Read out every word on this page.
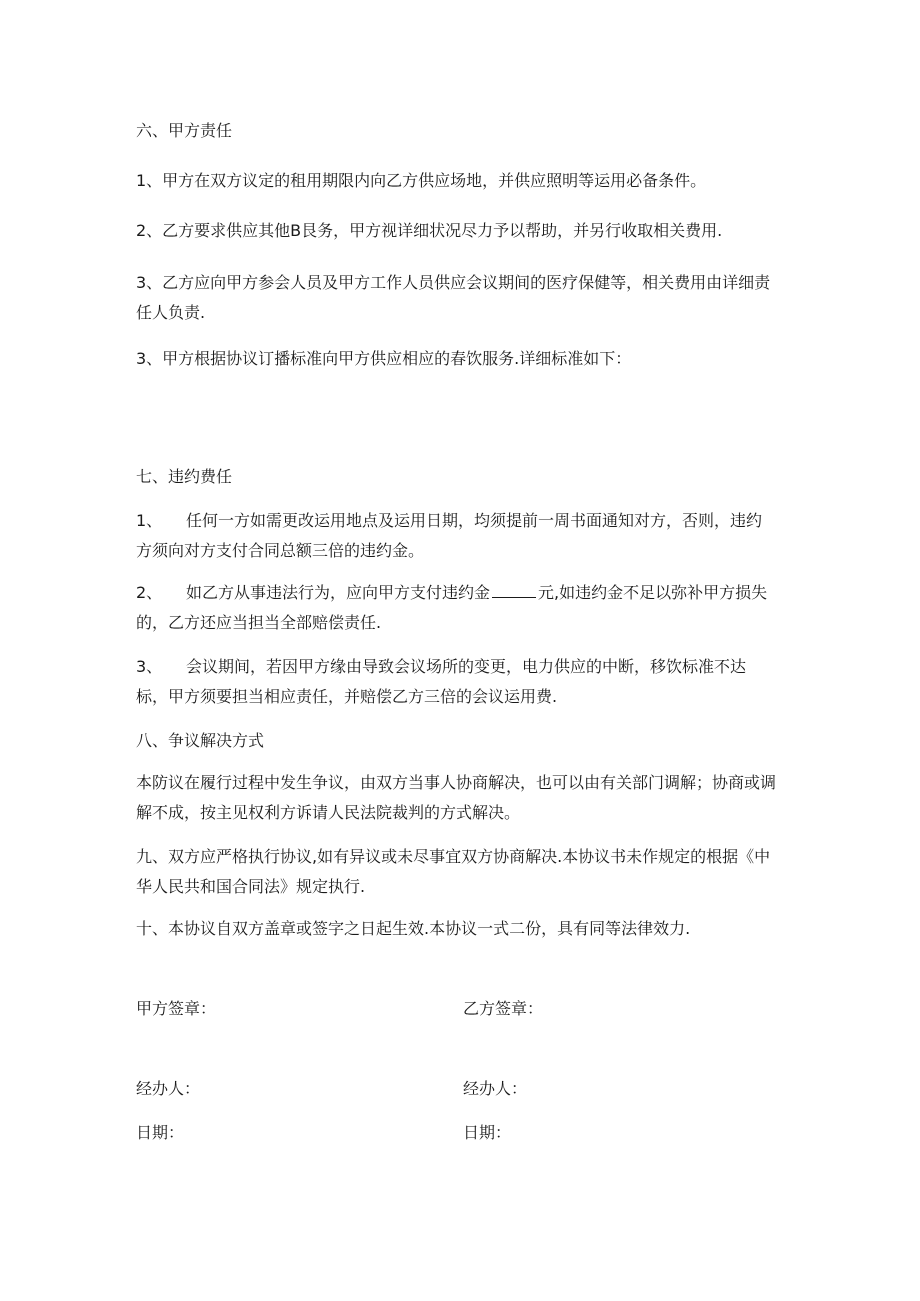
六、甲方责任
1、甲方在双方议定的租用期限内向乙方供应场地，并供应照明等运用必备条件。
2、乙方要求供应其他B艮务，甲方视详细状况尽力予以帮助，并另行收取相关费用.
3、乙方应向甲方参会人员及甲方工作人员供应会议期间的医疗保健等，相关费用由详细责任人负责.
3、甲方根据协议订播标准向甲方供应相应的春饮服务.详细标准如下：
七、违约费任
1、 任何一方如需更改运用地点及运用日期，均须提前一周书面通知对方，否则，违约方须向对方支付合同总额三倍的违约金。
2、 如乙方从事违法行为，应向甲方支付违约金	元,如违约金不足以弥补甲方损失的，乙方还应当担当全部赔偿责任.
3、 会议期间，若因甲方缘由导致会议场所的变更，电力供应的中断，移饮标准不达标，甲方须要担当相应责任，并赔偿乙方三倍的会议运用费.
八、争议解决方式
本防议在履行过程中发生争议，由双方当事人协商解决，也可以由有关部门调解；协商或调解不成，按主见权利方诉请人民法院裁判的方式解决。
九、双方应严格执行协议,如有异议或未尽事宜双方协商解决.本协议书未作规定的根据《中华人民共和国合同法》规定执行.
十、本协议自双方盖章或签字之日起生效.本协议一式二份，具有同等法律效力.
甲方签章：	乙方签章：
经办人：	经办人：
日期：	日期：
